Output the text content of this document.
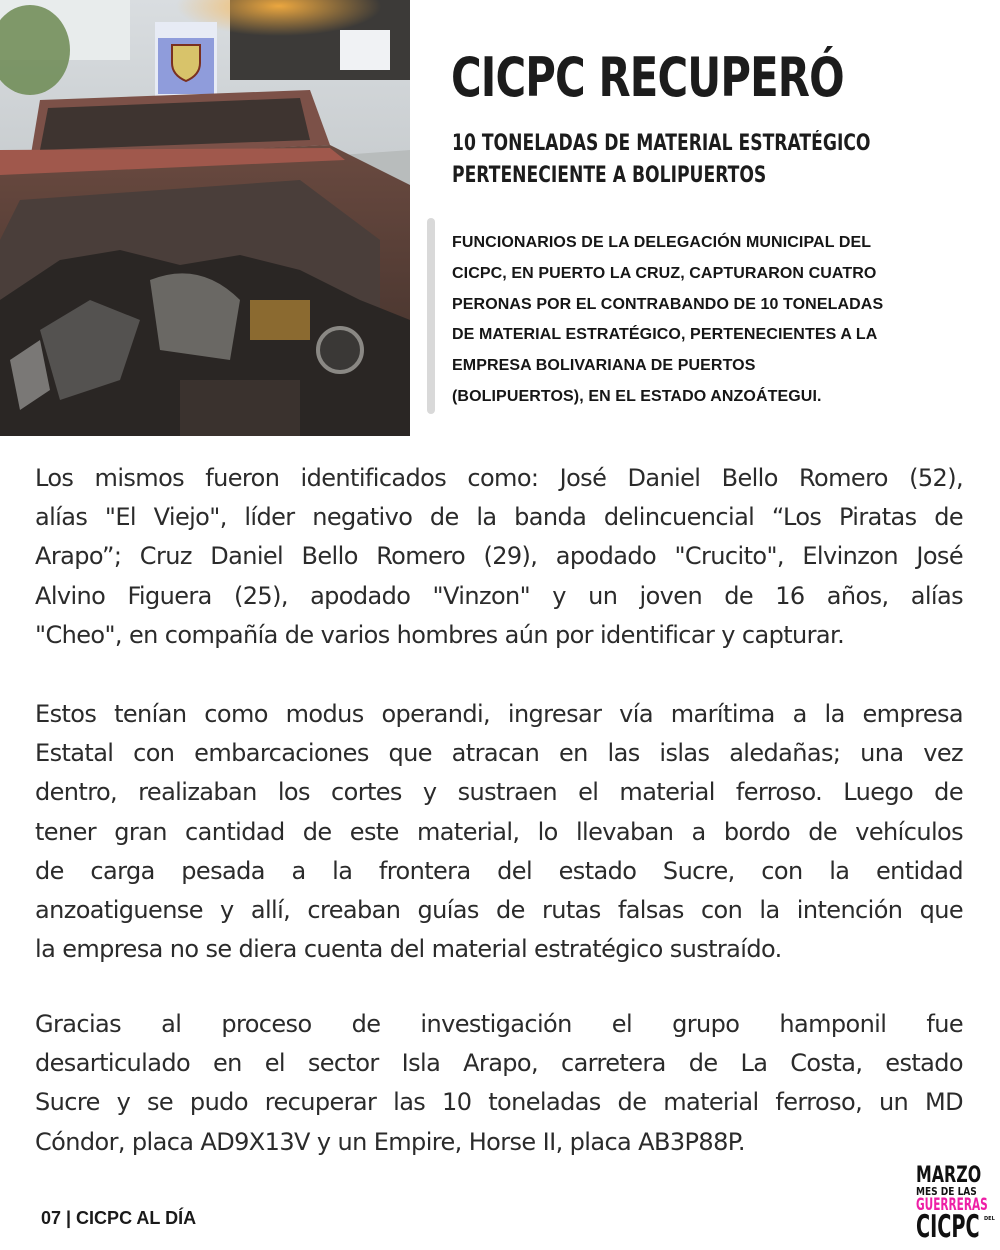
CICPC RECUPERÓ
10 TONELADAS DE MATERIAL ESTRATÉGICO
PERTENECIENTE A BOLIPUERTOS
FUNCIONARIOS DE LA DELEGACIÓN MUNICIPAL DEL
CICPC, EN PUERTO LA CRUZ, CAPTURARON CUATRO
PERONAS POR EL CONTRABANDO DE 10 TONELADAS
DE MATERIAL ESTRATÉGICO, PERTENECIENTES A LA
EMPRESA BOLIVARIANA DE PUERTOS
(BOLIPUERTOS), EN EL ESTADO ANZOÁTEGUI.
Los mismos fueron identificados como: José Daniel Bello Romero (52),
alías "El Viejo", líder negativo de la banda delincuencial “Los Piratas de
Arapo”; Cruz Daniel Bello Romero (29), apodado "Crucito", Elvinzon José
Alvino Figuera (25), apodado "Vinzon" y un joven de 16 años, alías
"Cheo", en compañía de varios hombres aún por identificar y capturar.
Estos tenían como modus operandi, ingresar vía marítima a la empresa
Estatal con embarcaciones que atracan en las islas aledañas; una vez
dentro, realizaban los cortes y sustraen el material ferroso. Luego de
tener gran cantidad de este material, lo llevaban a bordo de vehículos
de carga pesada a la frontera del estado Sucre, con la entidad
anzoatiguense y allí, creaban guías de rutas falsas con la intención que
la empresa no se diera cuenta del material estratégico sustraído.
Gracias al proceso de investigación el grupo hamponil fue
desarticulado en el sector Isla Arapo, carretera de La Costa, estado
Sucre y se pudo recuperar las 10 toneladas de material ferroso, un MD
Cóndor, placa AD9X13V y un Empire, Horse II, placa AB3P88P.
07 | CICPC AL DÍA
MARZO
MES DE LAS
GUERRERAS
CICPC DEL
